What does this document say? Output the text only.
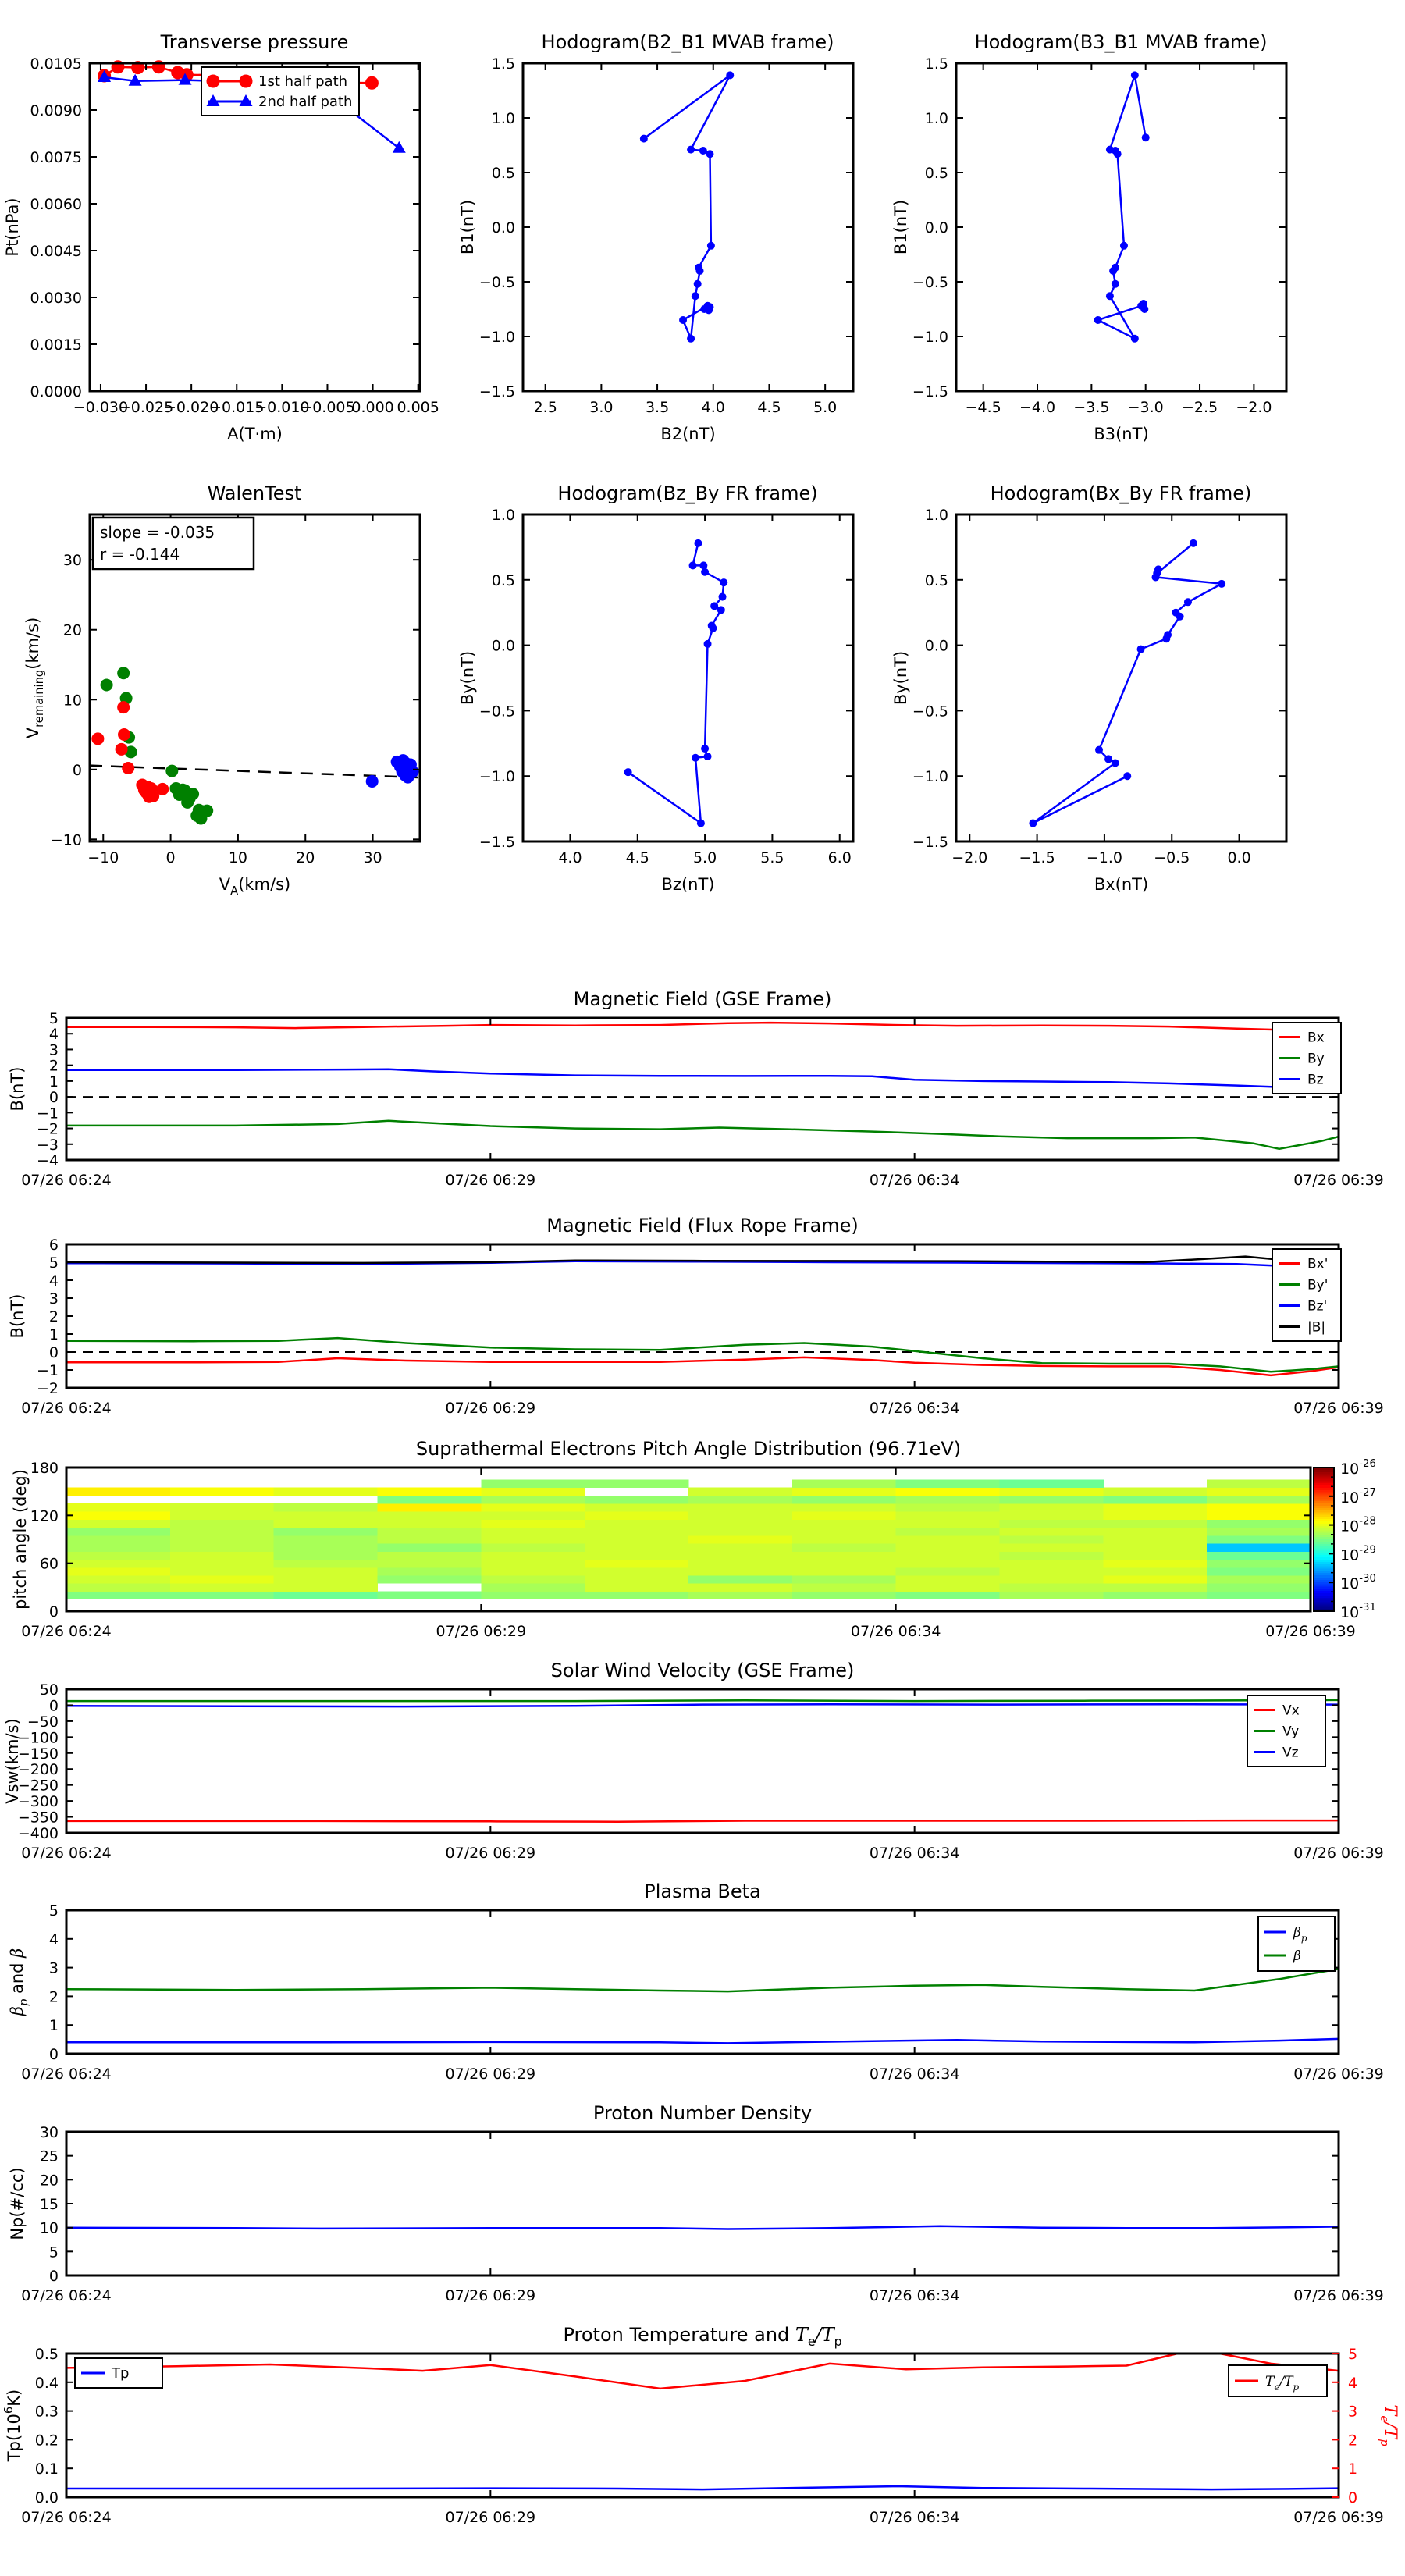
−0.030
−0.025
−0.020
−0.015
−0.010
−0.005
0.000 0.005
0.0000
0.0015
0.0030
0.0045
0.0060
0.0075
0.0090
0.0105
A(T·m)
Pt(nPa)
1st half path
2nd half path
2.5 3.0 3.5 4.0 4.5 5.0
−1.5
−1.0
−0.5
0.0
0.5
1.0
1.5
B2(nT)
B1(nT)
−4.5 −4.0 −3.5 −3.0 −2.5 −2.0
−1.5
−1.0
−0.5
0.0
0.5
1.0
1.5
B3(nT)
B1(nT)
−10	0	10	20	30
−10
0
10
20
30
$V_A(km/s)$
$V_{remaining}(km/s)$
slope = -0.035
r = -0.144
4.0	4.5	5.0	5.5	6.0
−1.5
−1.0
−0.5
0.0
0.5
1.0
Bz(nT)
By(nT)
−2.0 −1.5 −1.0 −0.5	0.0
−1.5
−1.0
−0.5
0.0
0.5
1.0
Bx(nT)
By(nT)
07/26 06:24	07/26 06:29	07/26 06:34	07/26 06:39
−4
−3
−2
−1
0
1
2
3
4
5
B(nT)
Bx
By
Bz
07/26 06:24	07/26 06:29	07/26 06:34	07/26 06:39
−2
−1
0
1
2
3
4
5
6
B(nT)
Bx'
By'
Bz'
|B|
07/26 06:24	07/26 06:29	07/26 06:34	07/26 06:39
0
60
120
180
pitch angle (deg)
$10^{-26}$
$10^{-27}$
$10^{-28}$
$10^{-29}$
$10^{-30}$
$10^{-31}$
07/26 06:24	07/26 06:29	07/26 06:34	07/26 06:39
−400
−350
−300
−250
−200
−150
−100
−50
0
50
Vsw(km/s)
Vx
Vy
Vz
07/26 06:24	07/26 06:29	07/26 06:34	07/26 06:39
0
1
2
3
4
5
$\beta_p$ and β
$\beta_p$
β
07/26 06:24	07/26 06:29	07/26 06:34	07/26 06:39
0
5
10
15
20
25
30
Np(#/cc)
07/26 06:24	07/26 06:29	07/26 06:34	07/26 06:39
0.0
0.1
0.2
0.3
0.4
0.5
0
1
2
3
4
5
$T_e/T_p$
$Tp(10^6K)$
Tp	$T_e/T_p$
Transverse pressure	Hodogram(B2_B1 MVAB frame)	Hodogram(B3_B1 MVAB frame)
WalenTest	Hodogram(Bz_By FR frame)	Hodogram(Bx_By FR frame)
Magnetic Field (GSE Frame)
Magnetic Field (Flux Rope Frame)
Suprathermal Electrons Pitch Angle Distribution (96.71eV)
Solar Wind Velocity (GSE Frame)
Plasma Beta
Proton Number Density
Proton Temperature and $T_e/T_p$
